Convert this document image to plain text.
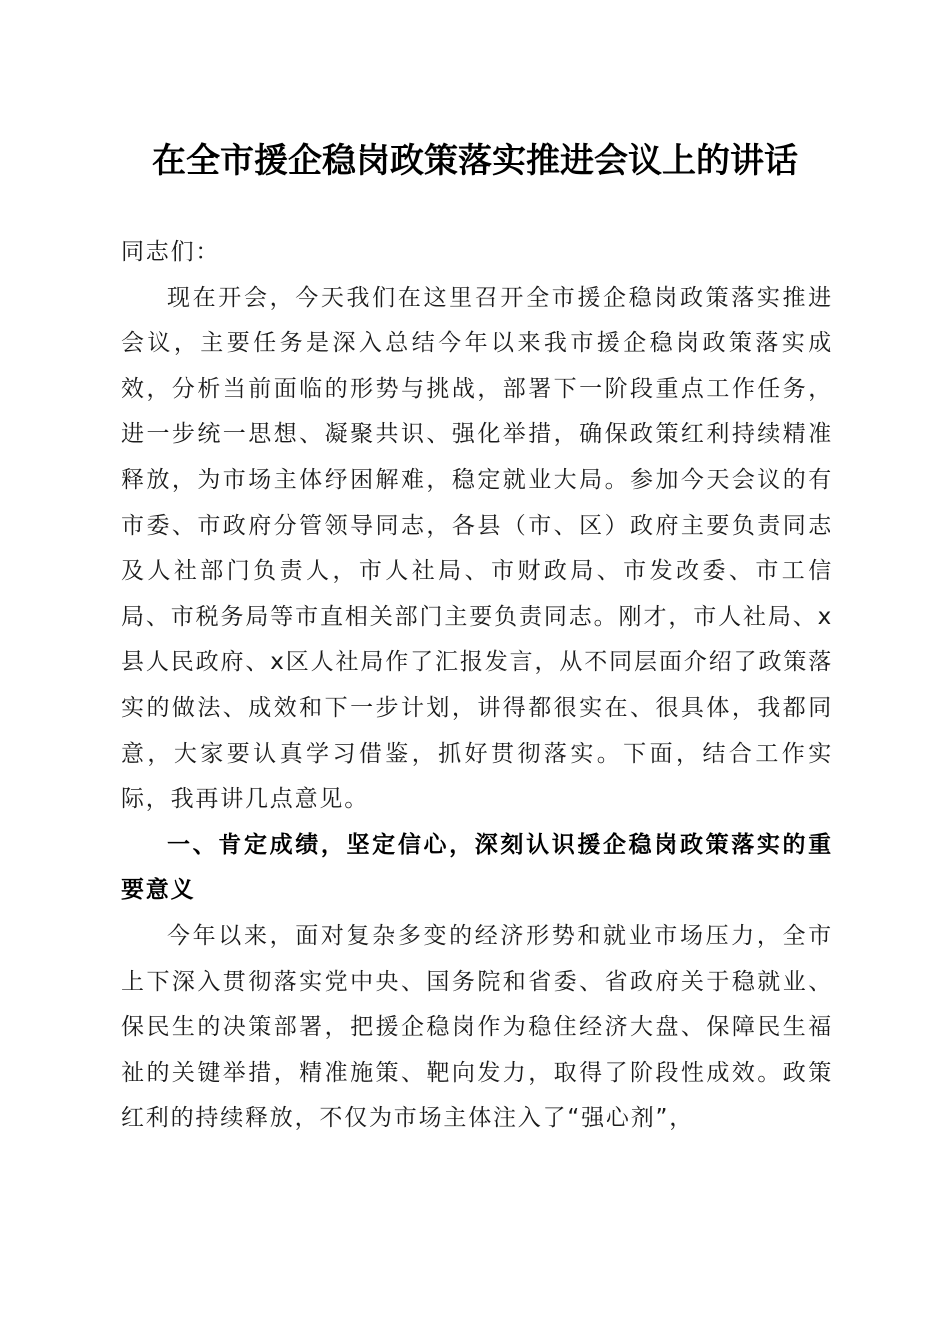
在全市援企稳岗政策落实推进会议上的讲话

同志们：

现在开会，今天我们在这里召开全市援企稳岗政策落实推进会议，主要任务是深入总结今年以来我市援企稳岗政策落实成效，分析当前面临的形势与挑战，部署下一阶段重点工作任务，进一步统一思想、凝聚共识、强化举措，确保政策红利持续精准释放，为市场主体纾困解难，稳定就业大局。参加今天会议的有市委、市政府分管领导同志，各县（市、区）政府主要负责同志及人社部门负责人，市人社局、市财政局、市发改委、市工信局、市税务局等市直相关部门主要负责同志。刚才，市人社局、x县人民政府、x区人社局作了汇报发言，从不同层面介绍了政策落实的做法、成效和下一步计划，讲得都很实在、很具体，我都同意，大家要认真学习借鉴，抓好贯彻落实。下面，结合工作实际，我再讲几点意见。

一、肯定成绩，坚定信心，深刻认识援企稳岗政策落实的重要意义

今年以来，面对复杂多变的经济形势和就业市场压力，全市上下深入贯彻落实党中央、国务院和省委、省政府关于稳就业、保民生的决策部署，把援企稳岗作为稳住经济大盘、保障民生福祉的关键举措，精准施策、靶向发力，取得了阶段性成效。政策红利的持续释放，不仅为市场主体注入了“强心剂”，
